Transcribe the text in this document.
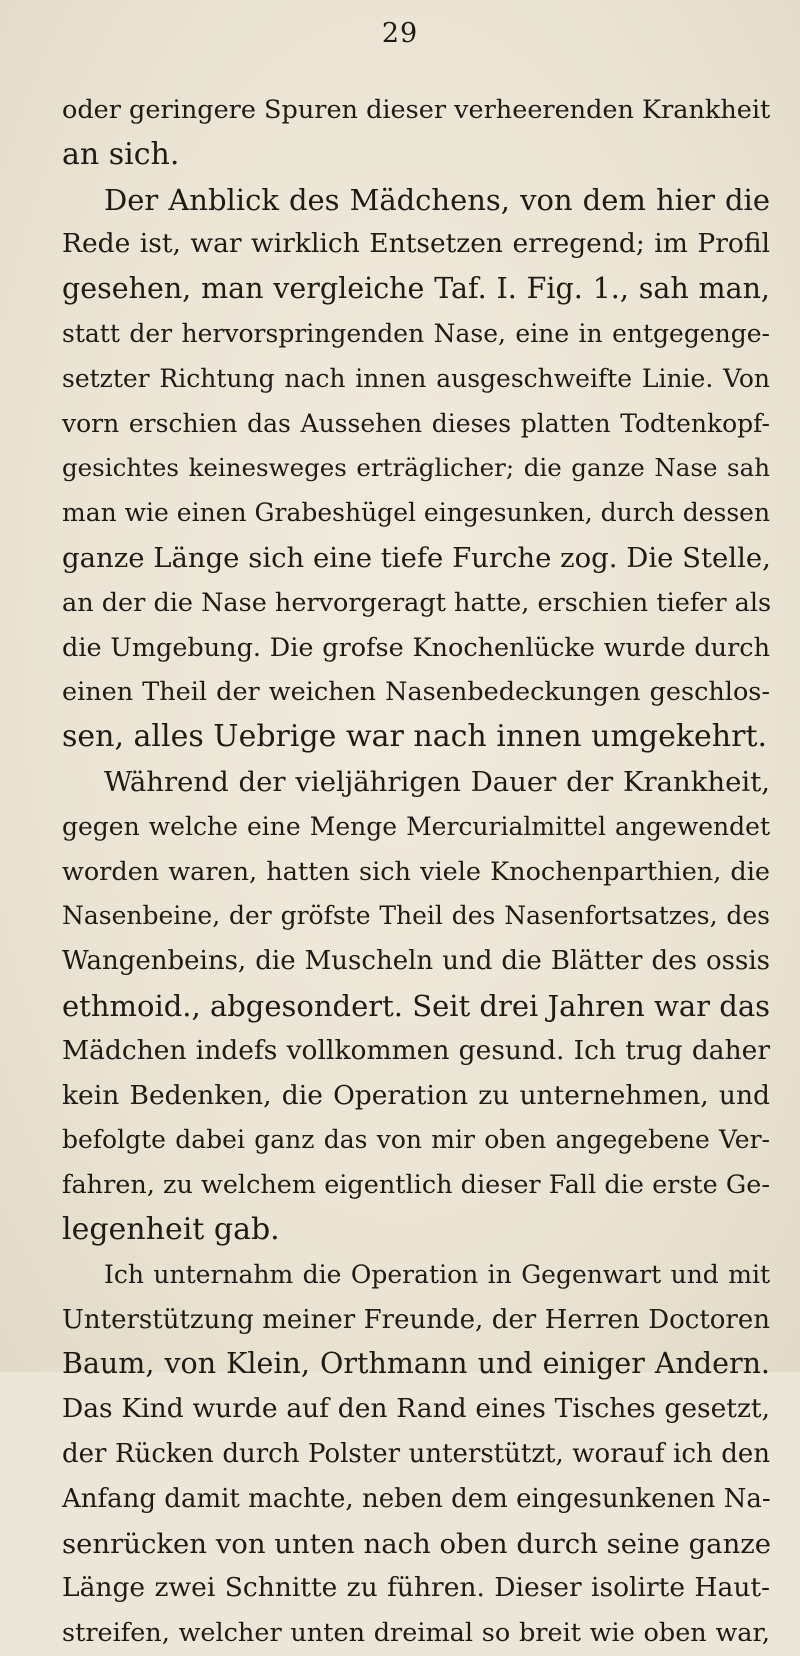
29
oder geringere Spuren dieser verheerenden Krankheit
an sich.
Der Anblick des Mädchens, von dem hier die
Rede ist, war wirklich Entsetzen erregend; im Profil
gesehen, man vergleiche Taf. I. Fig. 1., sah man,
statt der hervorspringenden Nase, eine in entgegenge-
setzter Richtung nach innen ausgeschweifte Linie. Von
vorn erschien das Aussehen dieses platten Todtenkopf-
gesichtes keinesweges erträglicher; die ganze Nase sah
man wie einen Grabeshügel eingesunken, durch dessen
ganze Länge sich eine tiefe Furche zog. Die Stelle,
an der die Nase hervorgeragt hatte, erschien tiefer als
die Umgebung. Die grofse Knochenlücke wurde durch
einen Theil der weichen Nasenbedeckungen geschlos-
sen, alles Uebrige war nach innen umgekehrt.
Während der vieljährigen Dauer der Krankheit,
gegen welche eine Menge Mercurialmittel angewendet
worden waren, hatten sich viele Knochenparthien, die
Nasenbeine, der gröfste Theil des Nasenfortsatzes, des
Wangenbeins, die Muscheln und die Blätter des ossis
ethmoid., abgesondert. Seit drei Jahren war das
Mädchen indefs vollkommen gesund. Ich trug daher
kein Bedenken, die Operation zu unternehmen, und
befolgte dabei ganz das von mir oben angegebene Ver-
fahren, zu welchem eigentlich dieser Fall die erste Ge-
legenheit gab.
Ich unternahm die Operation in Gegenwart und mit
Unterstützung meiner Freunde, der Herren Doctoren
Baum, von Klein, Orthmann und einiger Andern.
Das Kind wurde auf den Rand eines Tisches gesetzt,
der Rücken durch Polster unterstützt, worauf ich den
Anfang damit machte, neben dem eingesunkenen Na-
senrücken von unten nach oben durch seine ganze
Länge zwei Schnitte zu führen. Dieser isolirte Haut-
streifen, welcher unten dreimal so breit wie oben war,
